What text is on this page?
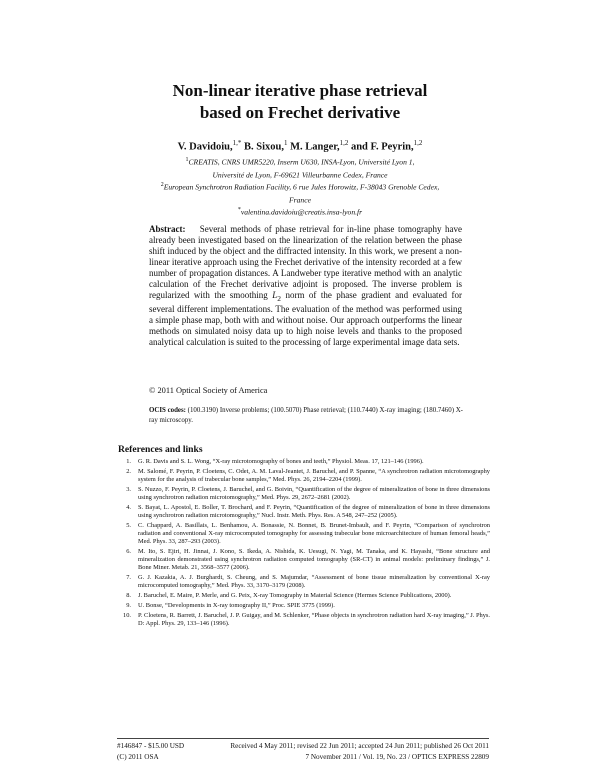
Non-linear iterative phase retrieval
based on Frechet derivative
V. Davidoiu,$^{1,*}$ B. Sixou,$^1$ M. Langer,$^{1,2}$ and F. Peyrin,$^{1,2}$
$^1$CREATIS, CNRS UMR5220, Inserm U630, INSA-Lyon, Université Lyon 1,
Université de Lyon, F-69621 Villeurbanne Cedex, France
$^2$European Synchrotron Radiation Facility, 6 rue Jules Horowitz, F-38043 Grenoble Cedex,
France
*valentina.davidoiu@creatis.insa-lyon.fr
Abstract: Several methods of phase retrieval for in-line phase tomography have already been investigated based on the linearization of the relation between the phase shift induced by the object and the diffracted intensity. In this work, we present a non-linear iterative approach using the Frechet derivative of the intensity recorded at a few number of propagation distances. A Landweber type iterative method with an analytic calculation of the Frechet derivative adjoint is proposed. The inverse problem is regularized with the smoothing $L_2$ norm of the phase gradient and evaluated for several different implementations. The evaluation of the method was performed using a simple phase map, both with and without noise. Our approach outperforms the linear methods on simulated noisy data up to high noise levels and thanks to the proposed analytical calculation is suited to the processing of large experimental image data sets.
© 2011 Optical Society of America
OCIS codes: (100.3190) Inverse problems; (100.5070) Phase retrieval; (110.7440) X-ray imaging; (180.7460) X-ray microscopy.
References and links
1. G. R. Davis and S. L. Wong, “X-ray microtomography of bones and teeth,” Physiol. Meas. 17, 121–146 (1996).
2. M. Salomé, F. Peyrin, P. Cloetens, C. Odet, A. M. Laval-Jeantet, J. Baruchel, and P. Spanne, “A synchrotron radiation microtomography system for the analysis of trabecular bone samples,” Med. Phys. 26, 2194–2204 (1999).
3. S. Nuzzo, F. Peyrin, P. Cloetens, J. Baruchel, and G. Boivin, “Quantification of the degree of mineralization of bone in three dimensions using synchrotron radiation microtomography,” Med. Phys. 29, 2672–2681 (2002).
4. S. Bayat, L. Apostol, E. Boller, T. Brochard, and F. Peyrin, “Quantification of the degree of mineralization of bone in three dimensions using synchrotron radiation microtomography,” Nucl. Instr. Meth. Phys. Res. A 548, 247–252 (2005).
5. C. Chappard, A. Basillais, L. Benhamou, A. Bonassie, N. Bonnet, B. Brunet-Imbault, and F. Peyrin, “Comparison of synchrotron radiation and conventional X-ray microcomputed tomography for assessing trabecular bone microarchitecture of human femoral heads,” Med. Phys. 33, 287–293 (2003).
6. M. Ito, S. Ejiri, H. Jinnai, J. Kono, S. Ikeda, A. Nishida, K. Uesugi, N. Yagi, M. Tanaka, and K. Hayashi, “Bone structure and mineralization demonstrated using synchrotron radiation computed tomography (SR-CT) in animal models: preliminary findings,” J. Bone Miner. Metab. 21, 3568–3577 (2006).
7. G. J. Kazakia, A. J. Burghardt, S. Cheung, and S. Majumdar, “Assessment of bone tissue mineralization by conventional X-ray microcomputed tomography,” Med. Phys. 33, 3170–3179 (2008).
8. J. Baruchel, E. Maire, P. Merle, and G. Peix, X-ray Tomography in Material Science (Hermes Science Publications, 2000).
9. U. Bonse, “Developments in X-ray tomography II,” Proc. SPIE 3775 (1999).
10. P. Cloetens, R. Barrett, J. Baruchel, J. P. Guigay, and M. Schlenker, “Phase objects in synchrotron radiation hard X-ray imaging,” J. Phys. D: Appl. Phys. 29, 133–146 (1996).
#146847 - $15.00 USD	Received 4 May 2011; revised 22 Jun 2011; accepted 24 Jun 2011; published 26 Oct 2011
(C) 2011 OSA	7 November 2011 / Vol. 19, No. 23 / OPTICS EXPRESS 22809
